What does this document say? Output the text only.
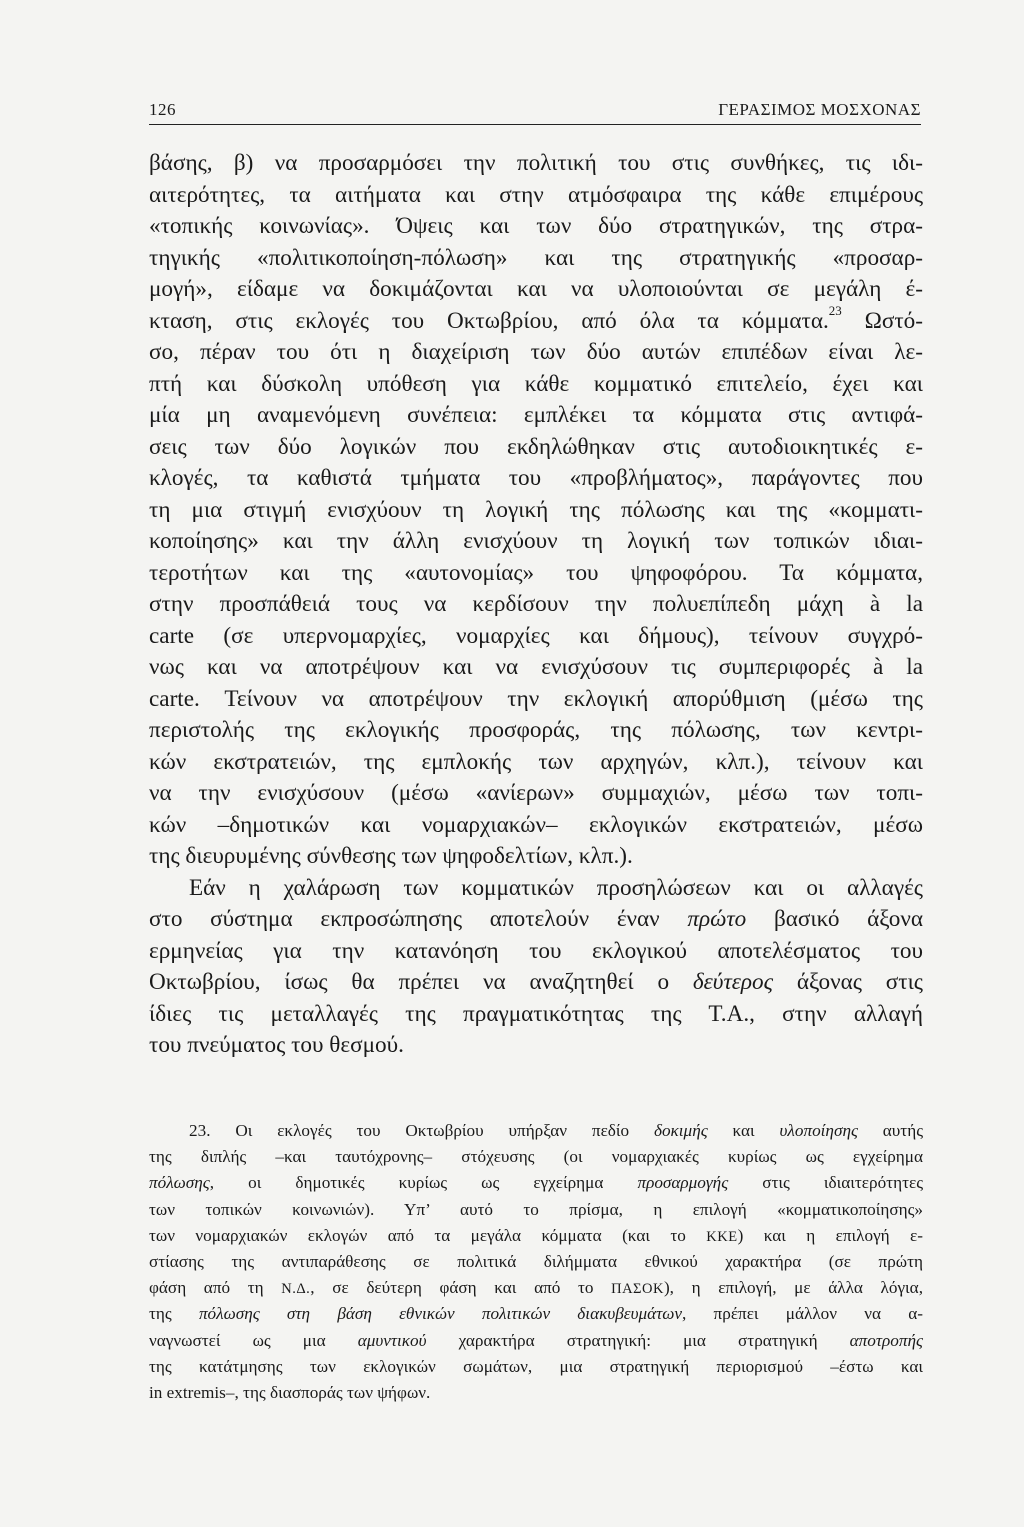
126	ΓΕΡΑΣΙΜΟΣ ΜΟΣΧΟΝΑΣ
βάσης, β) να προσαρμόσει την πολιτική του στις συνθήκες, τις ιδι-
αιτερότητες, τα αιτήματα και στην ατμόσφαιρα της κάθε επιμέρους
«τοπικής κοινωνίας». Όψεις και των δύο στρατηγικών, της στρα-
τηγικής «πολιτικοποίηση-πόλωση» και της στρατηγικής «προσαρ-
μογή», είδαμε να δοκιμάζονται και να υλοποιούνται σε μεγάλη έ-
κταση, στις εκλογές του Οκτωβρίου, από όλα τα κόμματα.$^{23}$ Ωστό-
σο, πέραν του ότι η διαχείριση των δύο αυτών επιπέδων είναι λε-
πτή και δύσκολη υπόθεση για κάθε κομματικό επιτελείο, έχει και
μία μη αναμενόμενη συνέπεια: εμπλέκει τα κόμματα στις αντιφά-
σεις των δύο λογικών που εκδηλώθηκαν στις αυτοδιοικητικές ε-
κλογές, τα καθιστά τμήματα του «προβλήματος», παράγοντες που
τη μια στιγμή ενισχύουν τη λογική της πόλωσης και της «κομματι-
κοποίησης» και την άλλη ενισχύουν τη λογική των τοπικών ιδιαι-
τεροτήτων και της «αυτονομίας» του ψηφοφόρου. Τα κόμματα,
στην προσπάθειά τους να κερδίσουν την πολυεπίπεδη μάχη à la
carte (σε υπερνομαρχίες, νομαρχίες και δήμους), τείνουν συγχρό-
νως και να αποτρέψουν και να ενισχύσουν τις συμπεριφορές à la
carte. Τείνουν να αποτρέψουν την εκλογική απορύθμιση (μέσω της
περιστολής της εκλογικής προσφοράς, της πόλωσης, των κεντρι-
κών εκστρατειών, της εμπλοκής των αρχηγών, κλπ.), τείνουν και
να την ενισχύσουν (μέσω «ανίερων» συμμαχιών, μέσω των τοπι-
κών –δημοτικών και νομαρχιακών– εκλογικών εκστρατειών, μέσω
της διευρυμένης σύνθεσης των ψηφοδελτίων, κλπ.).
Εάν η χαλάρωση των κομματικών προσηλώσεων και οι αλλαγές
στο σύστημα εκπροσώπησης αποτελούν έναν πρώτο βασικό άξονα
ερμηνείας για την κατανόηση του εκλογικού αποτελέσματος του
Οκτωβρίου, ίσως θα πρέπει να αναζητηθεί ο δεύτερος άξονας στις
ίδιες τις μεταλλαγές της πραγματικότητας της Τ.Α., στην αλλαγή
του πνεύματος του θεσμού.
23. Οι εκλογές του Οκτωβρίου υπήρξαν πεδίο δοκιμής και υλοποίησης αυτής
της διπλής –και ταυτόχρονης– στόχευσης (οι νομαρχιακές κυρίως ως εγχείρημα
πόλωσης, οι δημοτικές κυρίως ως εγχείρημα προσαρμογής στις ιδιαιτερότητες
των τοπικών κοινωνιών). Υπ’ αυτό το πρίσμα, η επιλογή «κομματικοποίησης»
των νομαρχιακών εκλογών από τα μεγάλα κόμματα (και το ΚΚΕ) και η επιλογή ε-
στίασης της αντιπαράθεσης σε πολιτικά διλήμματα εθνικού χαρακτήρα (σε πρώτη
φάση από τη Ν.Δ., σε δεύτερη φάση και από το ΠΑΣΟΚ), η επιλογή, με άλλα λόγια,
της πόλωσης στη βάση εθνικών πολιτικών διακυβευμάτων, πρέπει μάλλον να α-
ναγνωστεί ως μια αμυντικού χαρακτήρα στρατηγική: μια στρατηγική αποτροπής
της κατάτμησης των εκλογικών σωμάτων, μια στρατηγική περιορισμού –έστω και
in extremis–, της διασποράς των ψήφων.
